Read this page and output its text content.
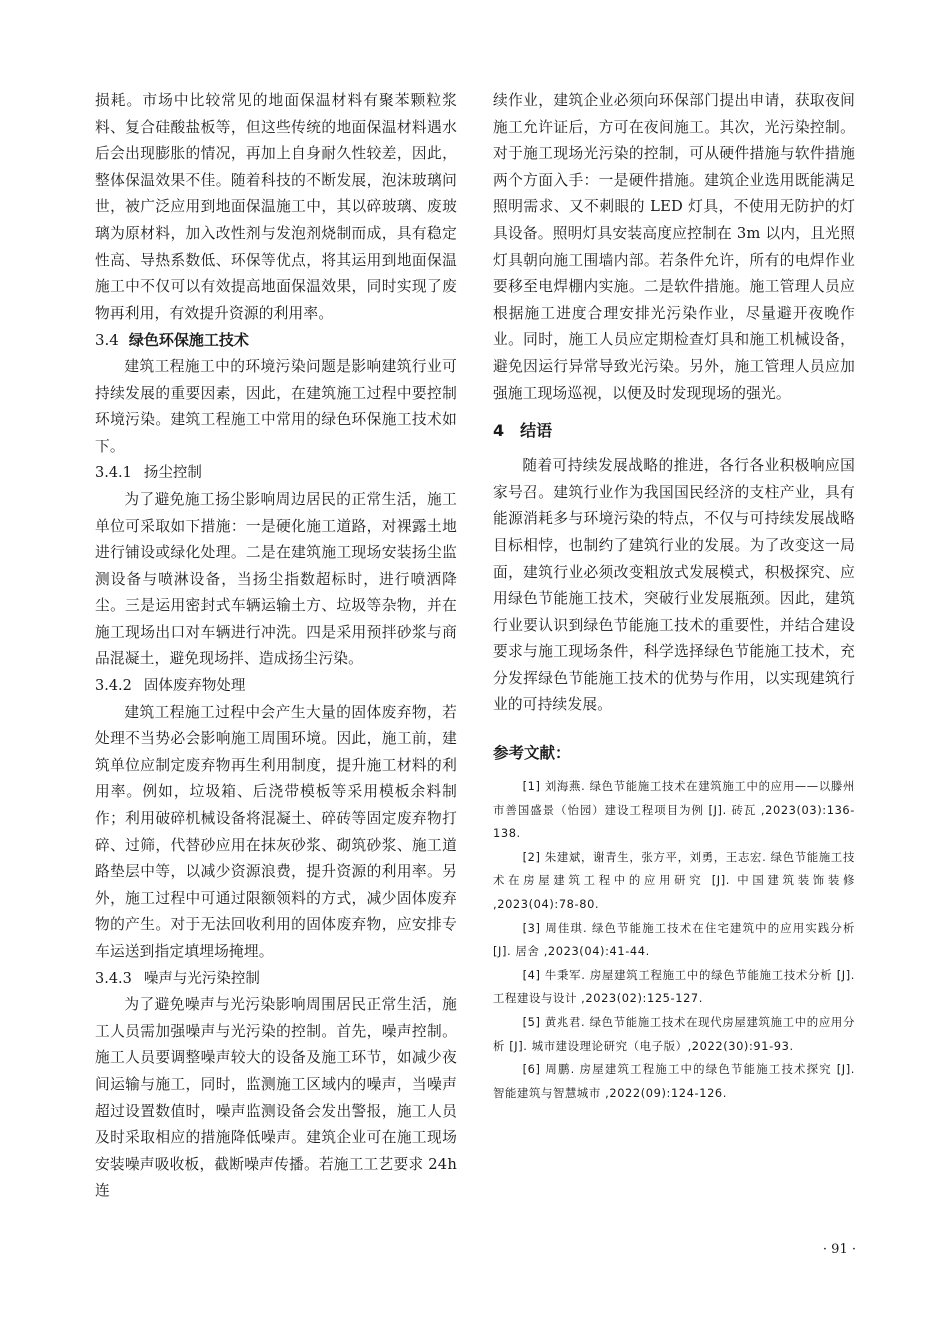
损耗。市场中比较常见的地面保温材料有聚苯颗粒浆料、复合硅酸盐板等，但这些传统的地面保温材料遇水后会出现膨胀的情况，再加上自身耐久性较差，因此，整体保温效果不佳。随着科技的不断发展，泡沫玻璃问世，被广泛应用到地面保温施工中，其以碎玻璃、废玻璃为原材料，加入改性剂与发泡剂烧制而成，具有稳定性高、导热系数低、环保等优点，将其运用到地面保温施工中不仅可以有效提高地面保温效果，同时实现了废物再利用，有效提升资源的利用率。

3.4 绿色环保施工技术

建筑工程施工中的环境污染问题是影响建筑行业可持续发展的重要因素，因此，在建筑施工过程中要控制环境污染。建筑工程施工中常用的绿色环保施工技术如下。

3.4.1 扬尘控制

为了避免施工扬尘影响周边居民的正常生活，施工单位可采取如下措施：一是硬化施工道路，对裸露土地进行铺设或绿化处理。二是在建筑施工现场安装扬尘监测设备与喷淋设备，当扬尘指数超标时，进行喷洒降尘。三是运用密封式车辆运输土方、垃圾等杂物，并在施工现场出口对车辆进行冲洗。四是采用预拌砂浆与商品混凝土，避免现场拌、造成扬尘污染。

3.4.2 固体废弃物处理

建筑工程施工过程中会产生大量的固体废弃物，若处理不当势必会影响施工周围环境。因此，施工前，建筑单位应制定废弃物再生利用制度，提升施工材料的利用率。例如，垃圾箱、后浇带模板等采用模板余料制作；利用破碎机械设备将混凝土、碎砖等固定废弃物打碎、过筛，代替砂应用在抹灰砂浆、砌筑砂浆、施工道路垫层中等，以减少资源浪费，提升资源的利用率。另外，施工过程中可通过限额领料的方式，减少固体废弃物的产生。对于无法回收利用的固体废弃物，应安排专车运送到指定填埋场掩埋。

3.4.3 噪声与光污染控制

为了避免噪声与光污染影响周围居民正常生活，施工人员需加强噪声与光污染的控制。首先，噪声控制。施工人员要调整噪声较大的设备及施工环节，如减少夜间运输与施工，同时，监测施工区域内的噪声，当噪声超过设置数值时，噪声监测设备会发出警报，施工人员及时采取相应的措施降低噪声。建筑企业可在施工现场安装噪声吸收板，截断噪声传播。若施工工艺要求 24h 连

续作业，建筑企业必须向环保部门提出申请，获取夜间施工允许证后，方可在夜间施工。其次，光污染控制。对于施工现场光污染的控制，可从硬件措施与软件措施两个方面入手：一是硬件措施。建筑企业选用既能满足照明需求、又不刺眼的 LED 灯具，不使用无防护的灯具设备。照明灯具安装高度应控制在 3m 以内，且光照灯具朝向施工围墙内部。若条件允许，所有的电焊作业要移至电焊棚内实施。二是软件措施。施工管理人员应根据施工进度合理安排光污染作业，尽量避开夜晚作业。同时，施工人员应定期检查灯具和施工机械设备，避免因运行异常导致光污染。另外，施工管理人员应加强施工现场巡视，以便及时发现现场的强光。

4 结语

随着可持续发展战略的推进，各行各业积极响应国家号召。建筑行业作为我国国民经济的支柱产业，具有能源消耗多与环境污染的特点，不仅与可持续发展战略目标相悖，也制约了建筑行业的发展。为了改变这一局面，建筑行业必须改变粗放式发展模式，积极探究、应用绿色节能施工技术，突破行业发展瓶颈。因此，建筑行业要认识到绿色节能施工技术的重要性，并结合建设要求与施工现场条件，科学选择绿色节能施工技术，充分发挥绿色节能施工技术的优势与作用，以实现建筑行业的可持续发展。

参考文献：

[1] 刘海燕. 绿色节能施工技术在建筑施工中的应用——以滕州市善国盛景（怡园）建设工程项目为例 [J]. 砖瓦 ,2023(03):136-138.

[2] 朱建斌，谢青生，张方平，刘勇，王志宏. 绿色节能施工技术在房屋建筑工程中的应用研究 [J]. 中国建筑装饰装修 ,2023(04):78-80.

[3] 周佳琪. 绿色节能施工技术在住宅建筑中的应用实践分析 [J]. 居舍 ,2023(04):41-44.

[4] 牛秉军. 房屋建筑工程施工中的绿色节能施工技术分析 [J]. 工程建设与设计 ,2023(02):125-127.

[5] 黄兆君. 绿色节能施工技术在现代房屋建筑施工中的应用分析 [J]. 城市建设理论研究（电子版）,2022(30):91-93.

[6] 周鹏. 房屋建筑工程施工中的绿色节能施工技术探究 [J]. 智能建筑与智慧城市 ,2022(09):124-126.

· 91 ·
